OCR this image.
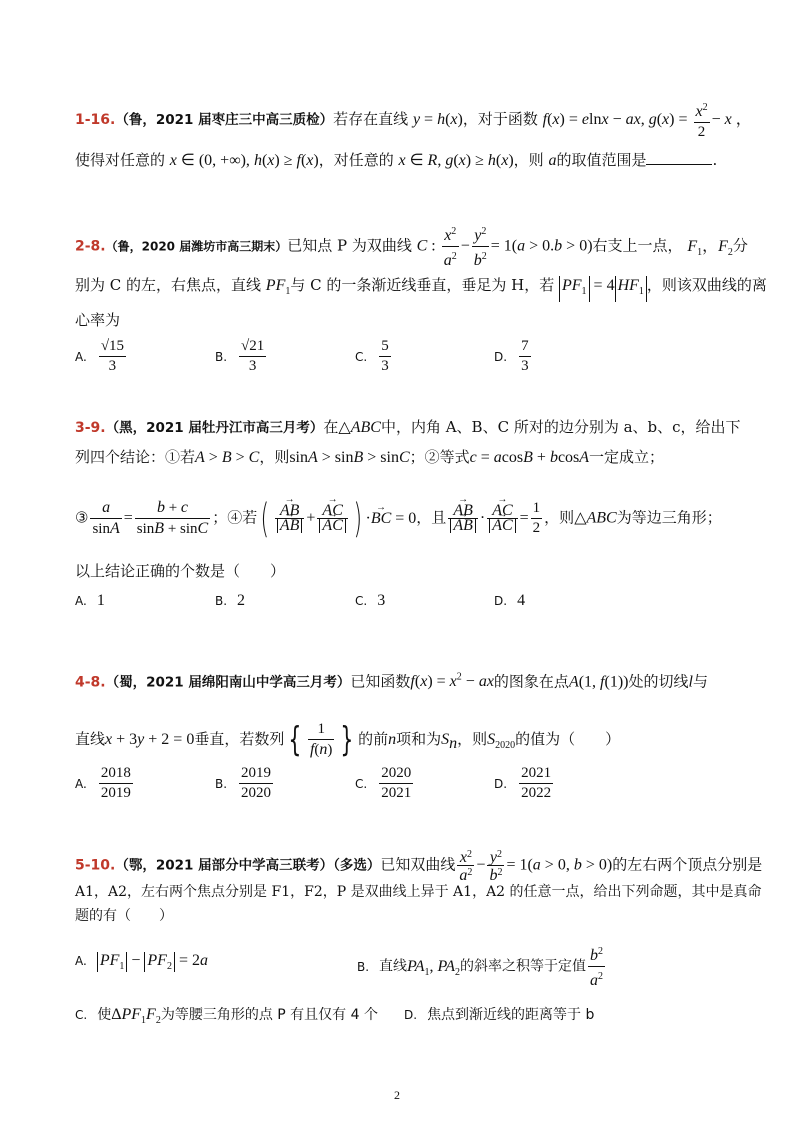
1-16.（鲁，2021 届枣庄三中高三质检）若存在直线 y = h(x)，对于函数 f(x) = elnx − ax, $g(x) = \frac{x^2}{2} - x$ ，
使得对任意的 x ∈ (0, +∞), h(x) ≥ f(x)，对任意的 x ∈ R, g(x) ≥ h(x)，则 a的取值范围是	.
2-8.（鲁，2020 届潍坊市高三期末）已知点 P 为双曲线 C : $\frac{x^2}{a^2} - \frac{y^2}{b^2} = 1(a > 0.b > 0)$右支上一点， $F_1$，$F_2$分
别为 C 的左，右焦点，直线 $PF_1$与 C 的一条渐近线垂直，垂足为 H，若 $PF_1 = 4$ $HF_1$ ，则该双曲线的离
心率为
A. $\frac{√15}{3}$	B. $\frac{√21}{3}$	C. $\frac{5}{3}$	D. $\frac{7}{3}$
3-9.（黑，2021 届牡丹江市高三月考）在△ABC中，内角 A、B、C 所对的边分别为 a、b、c，给出下
列四个结论：①若A > B > C，则sinA > sinB > sinC；②等式c = acosB + bcosA一定成立；
③ $\frac{a}{\sin A} = \frac{b + c}{\sin B + \sin C}$ ；④若( → AB
→ AB + → AC
→ AC ) ·→ BC = 0，且 → AB
→ AB · → AC
→ AC = $\frac{1}{2}$ ，则△ABC为等边三角形；
以上结论正确的个数是（　　）
A. 1	B. 2	C. 3	D. 4
4-8.（蜀，2021 届绵阳南山中学高三月考）已知函数$f(x) = x^2$ − ax的图象在点A(1, f(1))处的切线l与
直线x + 3y + 2 = 0垂直，若数列 { $\frac{1}{f(n)}$ } 的前n项和为$S_n$，则$S_{2020}$的值为（　　）
A. $\frac{2018}{2019}$	B. $\frac{2019}{2020}$	C. $\frac{2020}{2021}$	D. $\frac{2021}{2022}$
5-10.（鄂，2021 届部分中学高三联考）（多选）已知双曲线 $\frac{x^2}{a^2} - \frac{y^2}{b^2} = 1(a > 0$, b > 0)的左右两个顶点分别是
A1，A2，左右两个焦点分别是 F1，F2，P 是双曲线上异于 A1，A2 的任意一点，给出下列命题，其中是真命
题的有（　　）
A. $PF_1 - PF_2 = 2a$	B. 直线$PA_1$, $PA_2$的斜率之积等于定值 $\frac{b^2}{a^2}$
C. 使$\Delta PF_1F_2$为等腰三角形的点 P 有且仅有 4 个 D. 焦点到渐近线的距离等于 b
2
